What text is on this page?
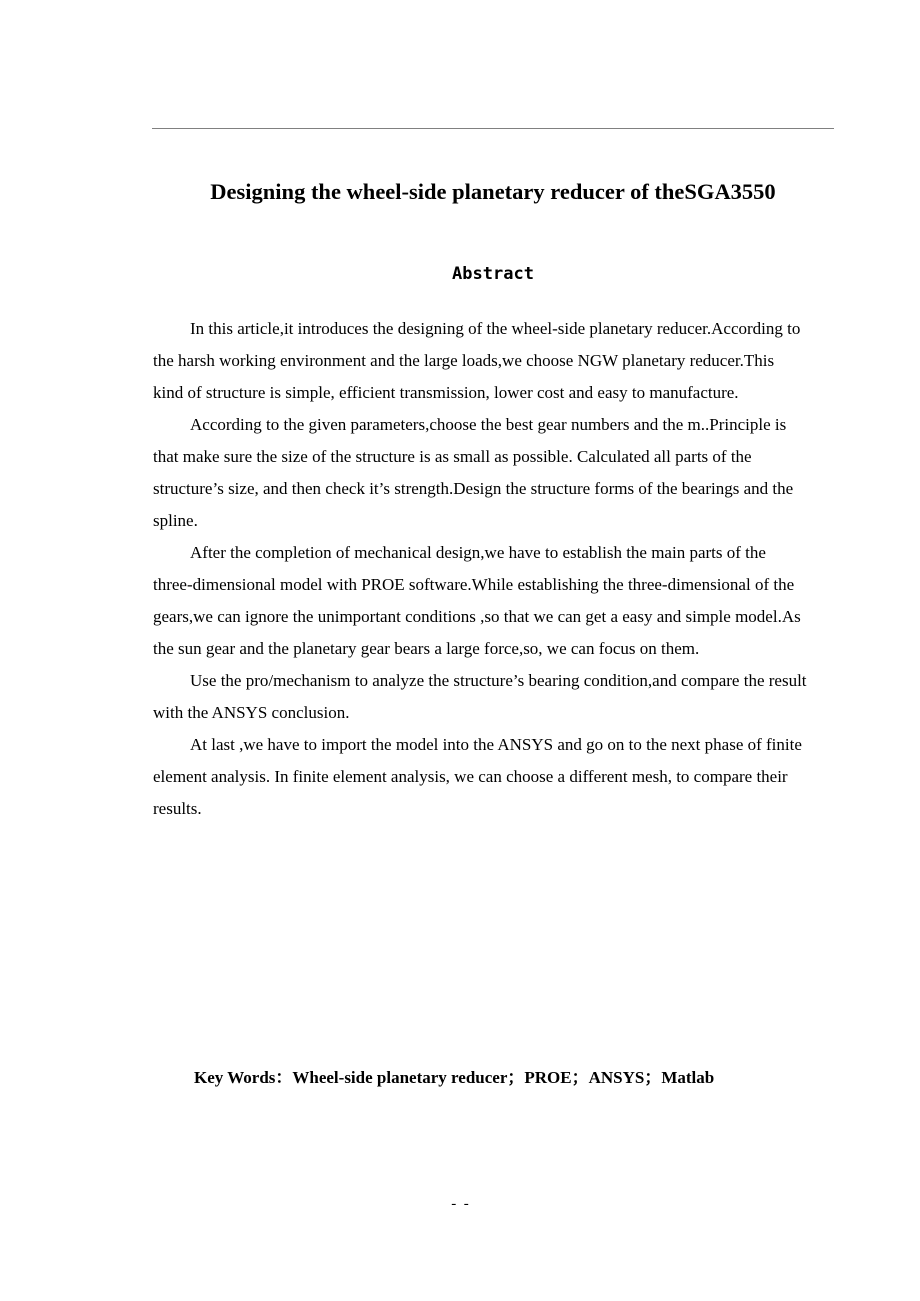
Designing the wheel-side planetary reducer of theSGA3550
Abstract

In this article,it introduces the designing of the wheel-side planetary reducer.According to
the harsh working environment and the large loads,we choose NGW planetary reducer.This
kind of structure is simple, efficient transmission, lower cost and easy to manufacture.

According to the given parameters,choose the best gear numbers and the m..Principle is
that make sure the size of the structure is as small as possible. Calculated all parts of the
structure’s size, and then check it’s strength.Design the structure forms of the bearings and the
spline.

After the completion of mechanical design,we have to establish the main parts of the
three-dimensional model with PROE software.While establishing the three-dimensional of the
gears,we can ignore the unimportant conditions ,so that we can get a easy and simple model.As
the sun gear and the planetary gear bears a large force,so, we can focus on them.

Use the pro/mechanism to analyze the structure’s bearing condition,and compare the result
with the ANSYS conclusion.

At last ,we have to import the model into the ANSYS and go on to the next phase of finite
element analysis. In finite element analysis, we can choose a different mesh, to compare their
results.

Key Words：Wheel-side planetary reducer；PROE；ANSYS；Matlab
-  -
